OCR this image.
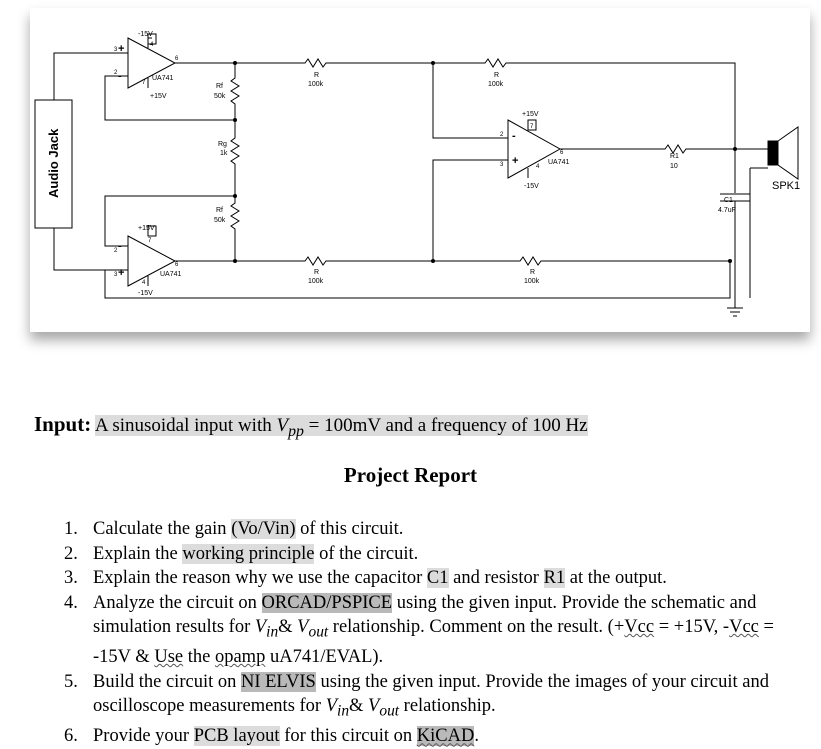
Audio Jack
+
-
-15V
+15V
UA741
3
2
4
7
6
-
+
+15V
-15V
UA741
2
3
4
7
6
-
+
+15V
-15V
UA741
2
3	4
7
6
Rf
50k
Rg
1k
Rf
50k
R
100k
R
100k
R
100k
R
100k
R1
10
C1
4.7uF
SPK1
Input: A sinusoidal input with $V_{pp} = 100mV$ and a frequency of 100 Hz
Project Report
1. Calculate the gain (Vo/Vin) of this circuit.
2. Explain the working principle of the circuit.
3. Explain the reason why we use the capacitor C1 and resistor R1 at the output.
4. Analyze the circuit on ORCAD/PSPICE using the given input. Provide the schematic and simulation results for $V_{in}\&$ $V_{out}$ relationship. Comment on the result. (+Vcc = +15V, -Vcc = -15V & Use the opamp uA741/EVAL).
5. Build the circuit on NI ELVIS using the given input. Provide the images of your circuit and oscilloscope measurements for $V_{in}\&$ $V_{out}$ relationship.
6. Provide your PCB layout for this circuit on KiCAD.
